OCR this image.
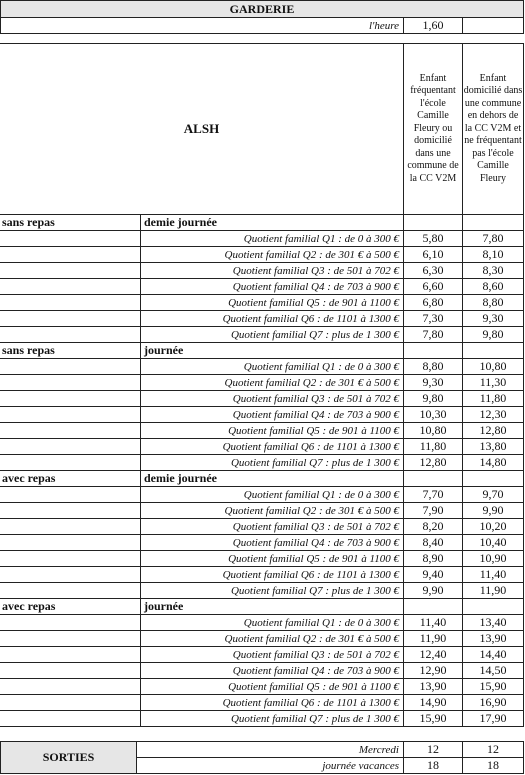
GARDERIE
l'heure	1,60	
ALSH		Enfant fréquentant l'école Camille Fleury ou domicilié dans une commune de la CC V2M	Enfant domicilié dans une commune en dehors de la CC V2M et ne fréquentant pas l'école Camille Fleury
sans repas	demie journée		
	Quotient familial Q1 : de 0 à 300 €	5,80	7,80
	Quotient familial Q2 : de 301 € à 500 €	6,10	8,10
	Quotient familial Q3 : de 501 à 702 €	6,30	8,30
	Quotient familial Q4 : de 703 à 900 €	6,60	8,60
	Quotient familial Q5 : de 901 à 1100 €	6,80	8,80
	Quotient familial Q6 : de 1101 à 1300 €	7,30	9,30
	Quotient familial Q7 : plus de 1 300 €	7,80	9,80
sans repas	journée		
	Quotient familial Q1 : de 0 à 300 €	8,80	10,80
	Quotient familial Q2 : de 301 € à 500 €	9,30	11,30
	Quotient familial Q3 : de 501 à 702 €	9,80	11,80
	Quotient familial Q4 : de 703 à 900 €	10,30	12,30
	Quotient familial Q5 : de 901 à 1100 €	10,80	12,80
	Quotient familial Q6 : de 1101 à 1300 €	11,80	13,80
	Quotient familial Q7 : plus de 1 300 €	12,80	14,80
avec repas	demie journée		
	Quotient familial Q1 : de 0 à 300 €	7,70	9,70
	Quotient familial Q2 : de 301 € à 500 €	7,90	9,90
	Quotient familial Q3 : de 501 à 702 €	8,20	10,20
	Quotient familial Q4 : de 703 à 900 €	8,40	10,40
	Quotient familial Q5 : de 901 à 1100 €	8,90	10,90
	Quotient familial Q6 : de 1101 à 1300 €	9,40	11,40
	Quotient familial Q7 : plus de 1 300 €	9,90	11,90
avec repas	journée		
	Quotient familial Q1 : de 0 à 300 €	11,40	13,40
	Quotient familial Q2 : de 301 € à 500 €	11,90	13,90
	Quotient familial Q3 : de 501 à 702 €	12,40	14,40
	Quotient familial Q4 : de 703 à 900 €	12,90	14,50
	Quotient familial Q5 : de 901 à 1100 €	13,90	15,90
	Quotient familial Q6 : de 1101 à 1300 €	14,90	16,90
	Quotient familial Q7 : plus de 1 300 €	15,90	17,90
SORTIES	Mercredi	12	12
	journée vacances	18	18
